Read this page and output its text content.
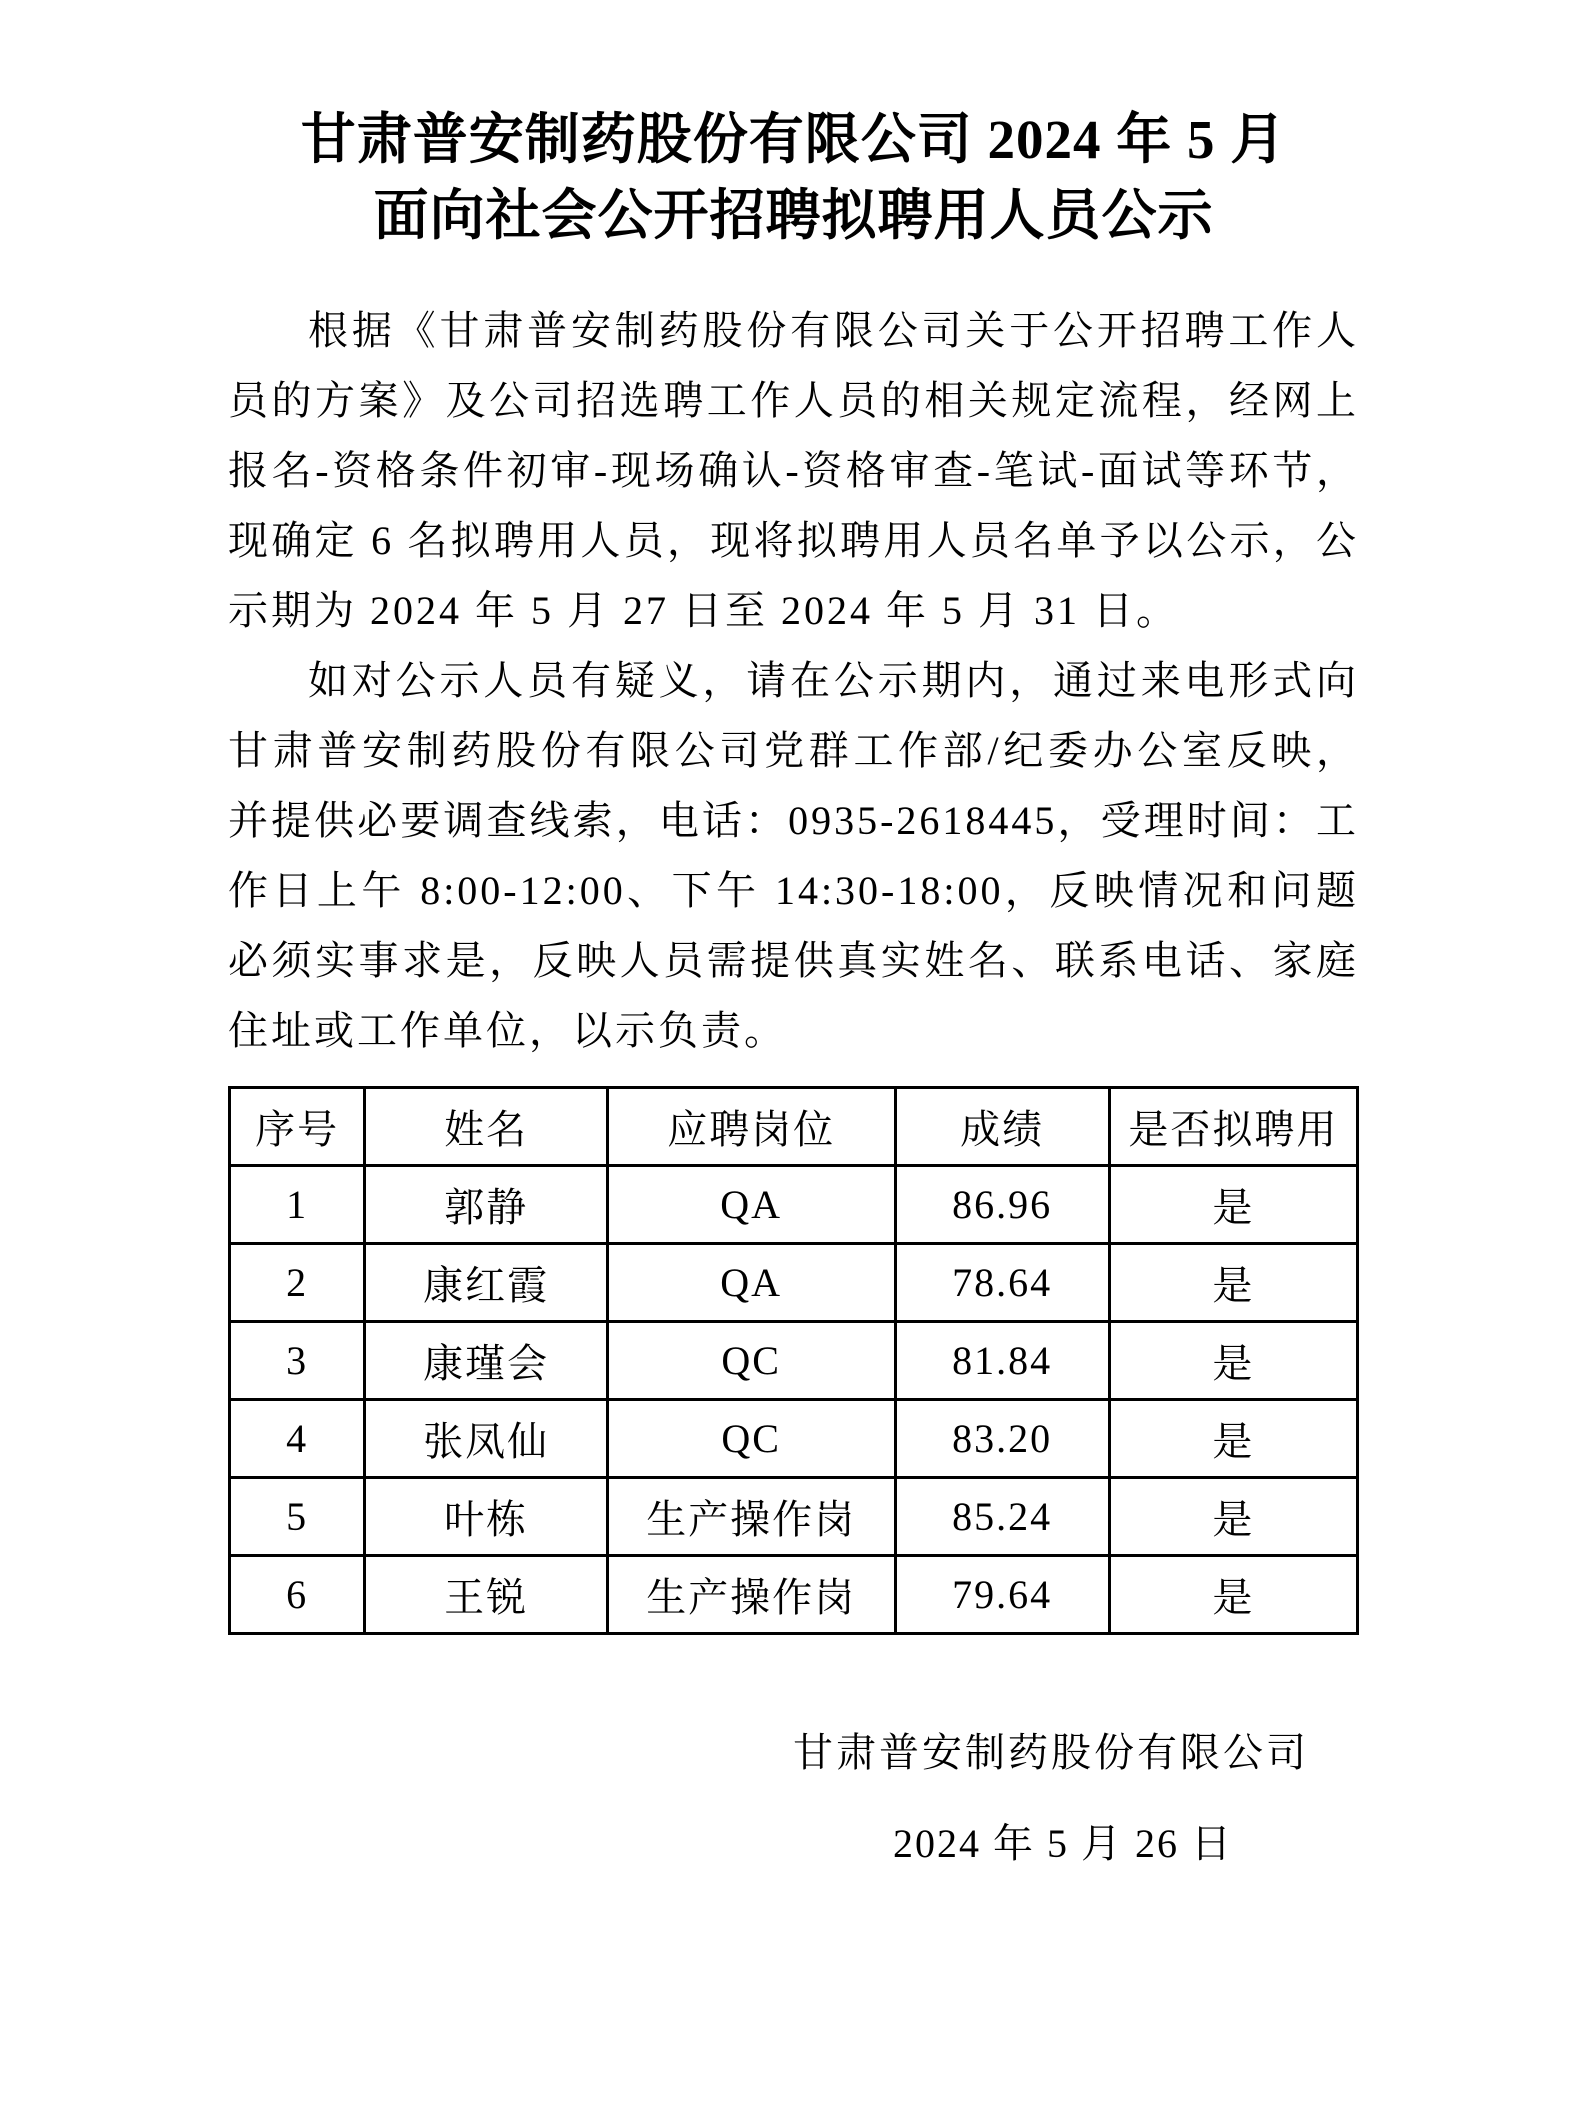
甘肃普安制药股份有限公司 2024 年 5 月
面向社会公开招聘拟聘用人员公示

根据《甘肃普安制药股份有限公司关于公开招聘工作人员的方案》及公司招选聘工作人员的相关规定流程，经网上报名-资格条件初审-现场确认-资格审查-笔试-面试等环节，现确定 6 名拟聘用人员，现将拟聘用人员名单予以公示，公示期为 2024 年 5 月 27 日至 2024 年 5 月 31 日。

如对公示人员有疑义，请在公示期内，通过来电形式向甘肃普安制药股份有限公司党群工作部/纪委办公室反映，并提供必要调查线索，电话：0935-2618445，受理时间：工作日上午 8:00-12:00、下午 14:30-18:00，反映情况和问题必须实事求是，反映人员需提供真实姓名、联系电话、家庭住址或工作单位，以示负责。

序号	姓名	应聘岗位	成绩	是否拟聘用
1	郭静	QA	86.96	是
2	康红霞	QA	78.64	是
3	康瑾会	QC	81.84	是
4	张凤仙	QC	83.20	是
5	叶栋	生产操作岗	85.24	是
6	王锐	生产操作岗	79.64	是
甘肃普安制药股份有限公司
2024 年 5 月 26 日
